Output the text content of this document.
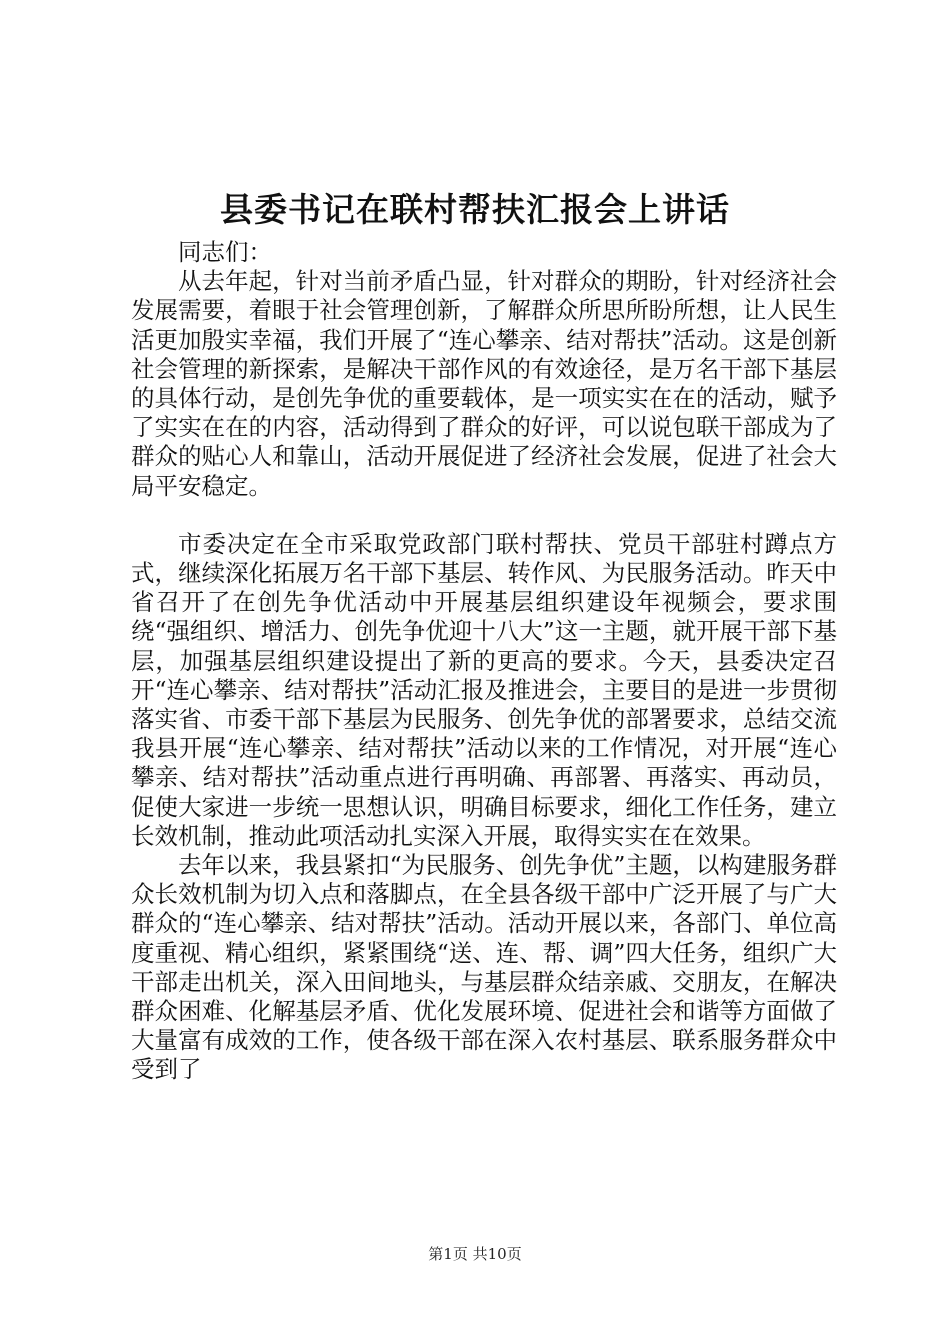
县委书记在联村帮扶汇报会上讲话

同志们：

从去年起，针对当前矛盾凸显，针对群众的期盼，针对经济社会发展需要，着眼于社会管理创新，了解群众所思所盼所想，让人民生活更加殷实幸福，我们开展了“连心攀亲、结对帮扶”活动。这是创新社会管理的新探索，是解决干部作风的有效途径，是万名干部下基层的具体行动，是创先争优的重要载体，是一项实实在在的活动，赋予了实实在在的内容，活动得到了群众的好评，可以说包联干部成为了群众的贴心人和靠山，活动开展促进了经济社会发展，促进了社会大局平安稳定。

市委决定在全市采取党政部门联村帮扶、党员干部驻村蹲点方式，继续深化拓展万名干部下基层、转作风、为民服务活动。昨天中省召开了在创先争优活动中开展基层组织建设年视频会，要求围绕“强组织、增活力、创先争优迎十八大”这一主题，就开展干部下基层，加强基层组织建设提出了新的更高的要求。今天，县委决定召开“连心攀亲、结对帮扶”活动汇报及推进会，主要目的是进一步贯彻落实省、市委干部下基层为民服务、创先争优的部署要求，总结交流我县开展“连心攀亲、结对帮扶”活动以来的工作情况，对开展“连心攀亲、结对帮扶”活动重点进行再明确、再部署、再落实、再动员，促使大家进一步统一思想认识，明确目标要求，细化工作任务，建立长效机制，推动此项活动扎实深入开展，取得实实在在效果。

去年以来，我县紧扣“为民服务、创先争优”主题，以构建服务群众长效机制为切入点和落脚点，在全县各级干部中广泛开展了与广大群众的“连心攀亲、结对帮扶”活动。活动开展以来，各部门、单位高度重视、精心组织，紧紧围绕“送、连、帮、调”四大任务，组织广大干部走出机关，深入田间地头，与基层群众结亲戚、交朋友，在解决群众困难、化解基层矛盾、优化发展环境、促进社会和谐等方面做了大量富有成效的工作，使各级干部在深入农村基层、联系服务群众中受到了

第1页 共10页
